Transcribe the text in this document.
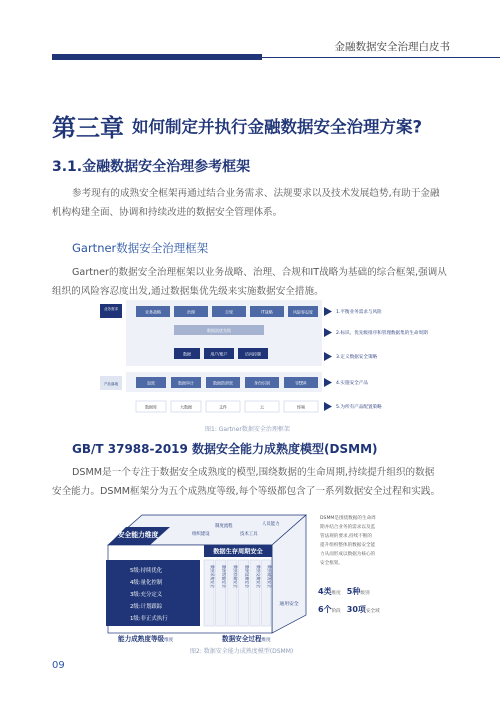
金融数据安全治理白皮书
第三章 如何制定并执行金融数据安全治理方案?
3.1.金融数据安全治理参考框架
参考现有的成熟安全框架再通过结合业务需求、法规要求以及技术发展趋势,有助于金融
机构构建全面、协调和持续改进的数据安全管理体系。
Gartner数据安全治理框架
Gartner的数据安全治理框架以业务战略、治理、合规和IT战略为基础的综合框架,强调从
组织的风险容忍度出发,通过数据集优先级来实施数据安全措施。
业务需求
产品落地
业务战略	治理	合规	IT战略	风险容忍度
数据流优先级
数据	用户/账户	访问控制
加密	数据审计	数据防泄密	身份识别	UEBA
数据库	大数据	文件	云	终端
1.平衡业务需求与风险
2.标识、优先级排序和管理数据集的生命周期
3.定义数据安全策略
4.实施安全产品
5.为所有产品配置策略
图1: Gartner数据安全治理框架
GB/T 37988-2019 数据安全能力成熟度模型(DSMM)
DSMM是一个专注于数据安全成熟度的模型,围绕数据的生命周期,持续提升组织的数据
安全能力。DSMM框架分为五个成熟度等级,每个等级都包含了一系列数据安全过程和实践。
安全能力维度	组织建设
制度流程
技术工具
人员能力
通用安全
数据生存周期安全
数据采集安全 数据传输安全 数据存储安全 数据处理安全 数据交换安全 数据销毁安全
5级:持续优化
4级:量化控制
3级:充分定义
2级:计划跟踪
1级:非正式执行
能力成熟度等级维度	数据安全过程维度
DSMM是围绕数据的生命周
期并结合业务的需求以及监
管法规的要求,持续不断的
提升组织整体的数据安全能
力从而形成以数据为核心的
安全框架。
4类维度 5种级别
6个阶段 30项安全域
图2: 数据安全能力成熟度模型(DSMM)
09
